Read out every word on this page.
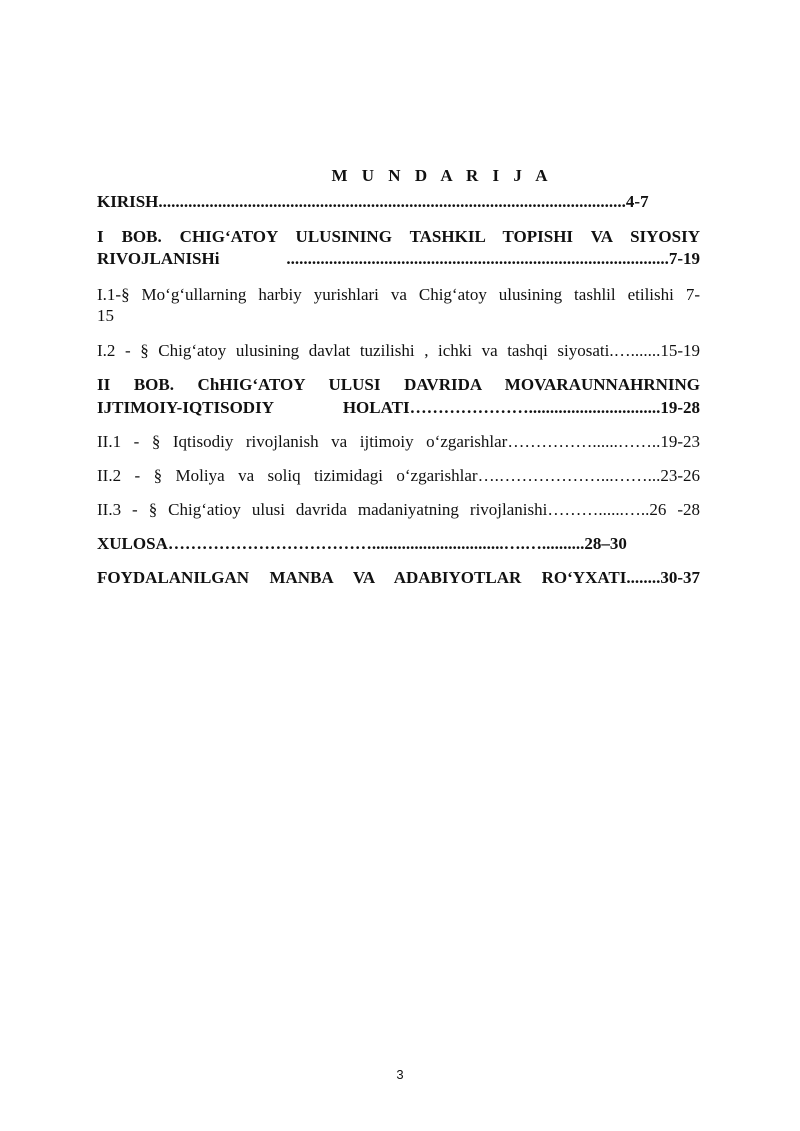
M U N D A R I J A
KIRISH..............................................................................................................4-7
I BOB. CHIG‘ATOY ULUSINING TASHKIL TOPISHI VA SIYOSIY
RIVOJLANISHi ..........................................................................................7-19
I.1-§ Mo‘g‘ullarning harbiy yurishlari va Chig‘atoy ulusining tashlil etilishi 7-
15
I.2 - § Chig‘atoy ulusining davlat tuzilishi , ichki va tashqi siyosati.….......15-19
II BOB. ChHIG‘ATOY ULUSI DAVRIDA MOVARAUNNAHRNING
IJTIMOIY-IQTISODIY HOLATI…………………...............................19-28
II.1 - § Iqtisodiy rivojlanish va ijtimoiy o‘zgarishlar……………......……..19-23
II.2 - § Moliya va soliq tizimidagi o‘zgarishlar….………………...……...23-26
II.3 - § Chig‘atioy ulusi davrida madaniyatning rivojlanishi………......…..26 -28
XULOSA………………………………...............................….…..........28–30
FOYDALANILGAN MANBA VA ADABIYOTLAR RO‘YXATI........30-37
3
